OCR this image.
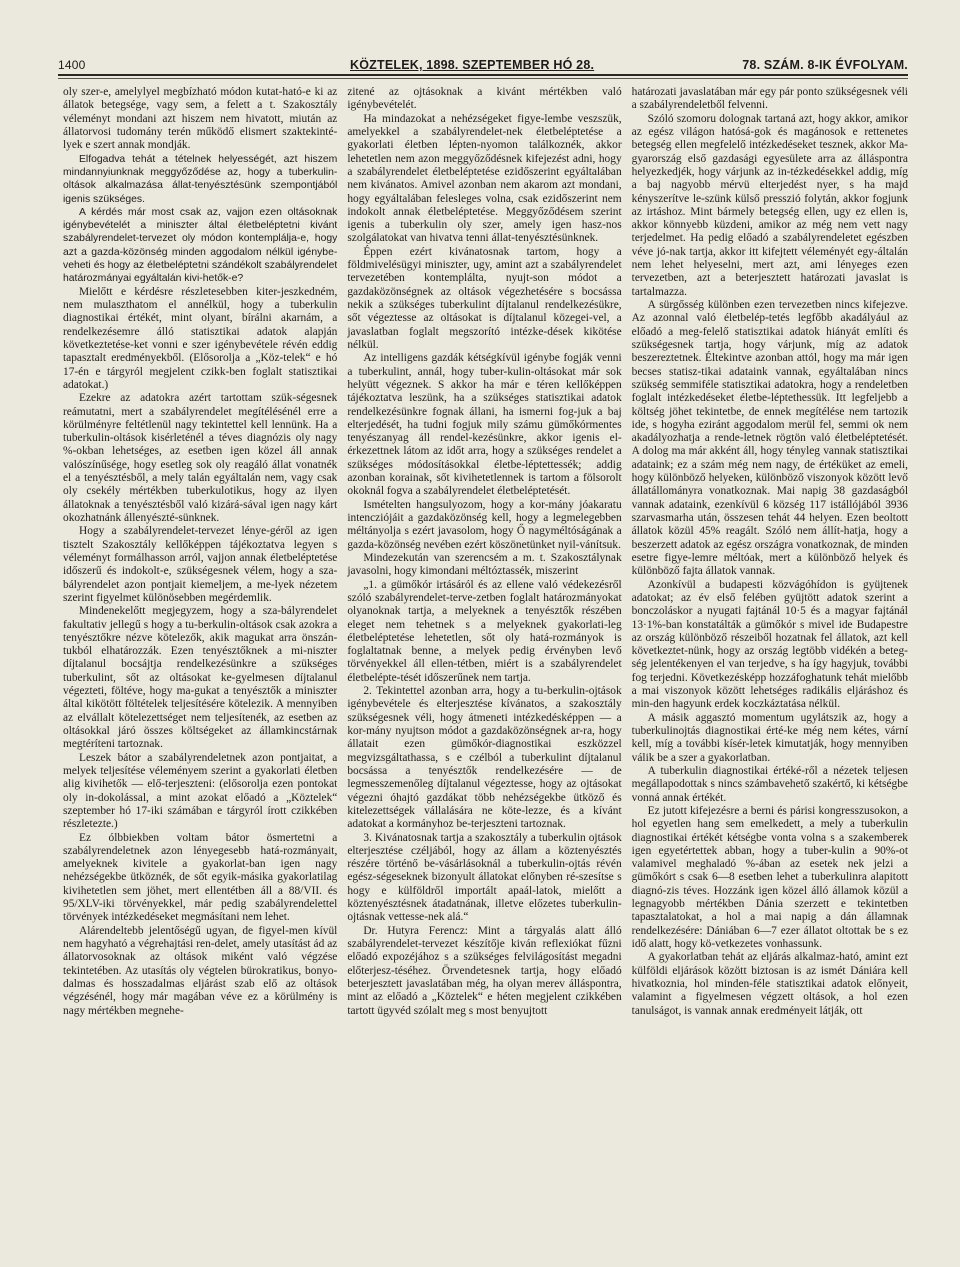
1400	KÖZTELEK, 1898. SZEPTEMBER HÓ 28.	78. SZÁM. 8-IK ÉVFOLYAM.

oly szer-e, amelylyel megbízható módon kutat-ható-e ki az állatok betegsége, vagy sem, a felett a t. Szakosztály véleményt mondani azt hiszem nem hivatott, miután az állatorvosi tudomány terén működő elismert szaktekinté-lyek e szert annak mondják.

Elfogadva tehát a tételnek helyességét, azt hiszem mindannyiunknak meggyőződése az, hogy a tuberkulin-oltások alkalmazása állat-tenyésztésünk szempontjából igenis szükséges.

A kérdés már most csak az, vajjon ezen oltásoknak igénybevételét a miniszter által életbeléptetni kivánt szabályrendelet-tervezet oly módon kontemplálja-e, hogy azt a gazda-közönség minden aggodalom nélkül igénybe-veheti és hogy az életbeléptetni szándékolt szabályrendelet határozmányai egyáltalán kivi-hetők-e?

Mielőtt e kérdésre részletesebben kiter-jeszkedném, nem mulaszthatom el annélkül, hogy a tuberkulin diagnostikai értékét, mint olyant, bírálni akarnám, a rendelkezésemre álló statisztikai adatok alapján következtetése-ket vonni e szer igénybevétele révén eddig tapasztalt eredményekből. (Elősorolja a „Köz-telek“ e hó 17-én e tárgyról megjelent czikk-ben foglalt statisztikai adatokat.)

Ezekre az adatokra azért tartottam szük-ségesnek reámutatni, mert a szabályrendelet megítélésénél erre a körülményre feltétlenül nagy tekintettel kell lennünk. Ha a tuberkulin-oltások kisérleténél a téves diagnózis oly nagy %-okban lehetséges, az esetben igen közel áll annak valószínűsége, hogy esetleg sok oly reagáló állat vonatnék el a tenyésztésből, a mely talán egyáltalán nem, vagy csak oly csekély mértékben tuberkulotikus, hogy az ilyen állatoknak a tenyésztésből való kizárá-sával igen nagy kárt okozhatnánk állenyészté-sünknek.

Hogy a szabályrendelet-tervezet lénye-géről az igen tisztelt Szakosztály kellőképpen tájékoztatva legyen s véleményt formálhasson arról, vajjon annak életbeléptetése időszerű és indokolt-e, szükségesnek vélem, hogy a sza-bályrendelet azon pontjait kiemeljem, a me-lyek nézetem szerint figyelmet különösebben megérdemlik.

Mindenekelőtt megjegyzem, hogy a sza-bályrendelet fakultativ jellegű s hogy a tu-berkulin-oltások csak azokra a tenyésztőkre nézve kötelezők, akik magukat arra önszán-tukból elhatározzák. Ezen tenyésztőknek a mi-niszter díjtalanul bocsájtja rendelkezésünkre a szükséges tuberkulint, sőt az oltásokat ke-gyelmesen díjtalanul végezteti, föltéve, hogy ma-gukat a tenyésztők a miniszter által kikötött föltételek teljesítésére kötelezik. A mennyiben az elvállalt kötelezettséget nem teljesítenék, az esetben az oltásokkal járó összes költségeket az államkincstárnak megtéríteni tartoznak.

Leszek bátor a szabályrendeletnek azon pontjaitat, a melyek teljesítése véleményem szerint a gyakorlati életben alig kivihetők — elő-terjeszteni: (elősorolja ezen pontokat oly in-dokolással, a mint azokat előadó a „Köztelek“ szeptember hó 17-iki számában e tárgyról írott czikkében részletezte.)

Ez ólbbiekben voltam bátor ösmertetni a szabályrendeletnek azon lényegesebb hatá-rozmányait, amelyeknek kivitele a gyakorlat-ban igen nagy nehézségekbe ütköznék, de sőt egyik-másika gyakorlatilag kivihetetlen sem jöhet, mert ellentétben áll a 88/VII. és 95/XLV-iki törvényekkel, már pedig szabályrendelettel törvények intézkedéseket megmásítani nem lehet.

Alárendeltebb jelentőségű ugyan, de figyel-men kívül nem hagyható a végrehajtási ren-delet, amely utasítást ád az állatorvosoknak az oltások miként való végzése tekintetében. Az utasítás oly végtelen bürokratikus, bonyo-dalmas és hosszadalmas eljárást szab elő az oltások végzésénél, hogy már magában véve ez a körülmény is nagy mértékben megnehe-

zitené az ojtásoknak a kivánt mértékben való igénybevételét.

Ha mindazokat a nehézségeket figye-lembe veszszük, amelyekkel a szabályrendelet-nek életbeléptetése a gyakorlati életben lépten-nyomon találkoznék, akkor lehetetlen nem azon meggyőződésnek kifejezést adni, hogy a szabályrendelet életbeléptetése ezidőszerint egyáltalában nem kivánatos. Amivel azonban nem akarom azt mondani, hogy egyáltalában felesleges volna, csak ezidőszerint nem indokolt annak életbeléptetése. Meggyőződésem szerint igenis a tuberkulin oly szer, amely igen hasz-nos szolgálatokat van hivatva tenni állat-tenyésztésünknek.

Éppen ezért kivánatosnak tartom, hogy a földmivelésügyi miniszter, ugy, amint azt a szabályrendelet tervezetében kontemplálta, nyujt-son módot a gazdaközönségnek az oltások végezhetésére s bocsássa nekik a szükséges tuberkulint díjtalanul rendelkezésükre, sőt végeztesse az oltásokat is díjtalanul közegei-vel, a javaslatban foglalt megszorító intézke-dések kikötése nélkül.

Az intelligens gazdák kétségkívül igénybe fogják venni a tuberkulint, annál, hogy tuber-kulin-oltásokat már sok helyütt végeznek. S akkor ha már e téren kellőképpen tájékoztatva leszünk, ha a szükséges statisztikai adatok rendelkezésünkre fognak állani, ha ismerni fog-juk a baj elterjedését, ha tudni fogjuk mily számu gümőkórmentes tenyészanyag áll rendel-kezésünkre, akkor igenis el-érkezettnek látom az időt arra, hogy a szükséges rendelet a szükséges módosításokkal életbe-léptettessék; addig azonban korainak, sőt kivihetetlennek is tartom a fölsorolt okoknál fogva a szabályrendelet életbeléptetését.

Ismételten hangsulyozom, hogy a kor-mány jóakaratu intencziójáit a gazdaközönség kell, hogy a legmelegebben méltányolja s ezért javasolom, hogy Ő nagyméltóságának a gazda-közönség nevében ezért köszönetünket nyil-vánítsuk.

Mindezekután van szerencsém a m. t. Szakosztálynak javasolni, hogy kimondani méltóztassék, miszerint

„1. a gümőkór irtásáról és az ellene való védekezésről szóló szabályrendelet-terve-zetben foglalt határozmányokat olyanoknak tartja, a melyeknek a tenyésztők részében eleget nem tehetnek s a melyeknek gyakorlati-leg életbeléptetése lehetetlen, sőt oly hatá-rozmányok is foglaltatnak benne, a melyek pedig érvényben levő törvényekkel áll ellen-tétben, miért is a szabályrendelet életbelépte-tését időszerűnek nem tartja.

2. Tekintettel azonban arra, hogy a tu-berkulin-ojtások igénybevétele és elterjesztése kívánatos, a szakosztály szükségesnek véli, hogy átmeneti intézkedésképpen — a kor-mány nyujtson módot a gazdaközönségnek ar-ra, hogy állatait ezen gümőkór-diagnostikai eszközzel megvizsgáltathassa, s e czélból a tuberkulint díjtalanul bocsássa a tenyésztők rendelkezésére — de legmesszemenőleg díjtalanul végeztesse, hogy az ojtásokat végezni óhajtó gazdákat több nehézségekbe ütköző és kitelezettségek vállalására ne köte-lezze, és a kívánt adatokat a kormányhoz be-terjeszteni tartoznak.

3. Kivánatosnak tartja a szakosztály a tuberkulin ojtások elterjesztése czéljából, hogy az állam a köztenyésztés részére történő be-vásárlásoknál a tuberkulin-ojtás révén egész-ségeseknek bizonyult állatokat előnyben ré-szesítse s hogy e külföldről importált apaál-latok, mielőtt a köztenyésztésnek átadatnának, illetve előzetes tuberkulin-ojtásnak vettesse-nek alá.“

Dr. Hutyra Ferencz: Mint a tárgyalás alatt álló szabályrendelet-tervezet készítője kiván reflexiókat fűzni előadó expozéjához s a szükséges felvilágosítást megadni előterjesz-téséhez. Örvendetesnek tartja, hogy előadó beterjesztett javaslatában még, ha olyan merev álláspontra, mint az előadó a „Köztelek“ e héten megjelent czikkében tartott ügyvéd szólalt meg s most benyujtott

határozati javaslatában már egy pár ponto szükségesnek véli a szabályrendeletből felvenni.

Szóló szomoru dolognak tartaná azt, hogy akkor, amikor az egész világon hatósá-gok és magánosok e rettenetes betegség ellen megfelelő intézkedéseket tesznek, akkor Ma-gyarország első gazdasági egyesülete arra az álláspontra helyezkedjék, hogy várjunk az in-tézkedésekkel addig, míg a baj nagyobb mérvü elterjedést nyer, s ha majd kényszerítve le-szünk külső presszió folytán, akkor fogjunk az irtáshoz. Mint bármely betegség ellen, ugy ez ellen is, akkor könnyebb küzdeni, amikor az még nem vett nagy terjedelmet. Ha pedig előadó a szabályrendeletet egészben véve jó-nak tartja, akkor itt kifejtett véleményét egy-általán nem lehet helyeselni, mert azt, ami lényeges ezen tervezetben, azt a beterjesztett határozati javaslat is tartalmazza.

A sürgősség különben ezen tervezetben nincs kifejezve. Az azonnal való életbelép-tetés legfőbb akadályául az előadó a meg-felelő statisztikai adatok hiányát említi és szükségesnek tartja, hogy várjunk, míg az adatok beszereztetnek. Éltekintve azonban attól, hogy ma már igen becses statisz-tikai adataink vannak, egyáltalában nincs szükség semmiféle statisztikai adatokra, hogy a rendeletben foglalt intézkedéseket életbe-léptethessük. Itt legfeljebb a költség jöhet tekintetbe, de ennek megítélése nem tartozik ide, s hogyha eziránt aggodalom merül fel, semmi ok nem akadályozhatja a rende-letnek rögtön való életbeléptetését. A dolog ma már akként áll, hogy tényleg vannak statisztikai adataink; ez a szám még nem nagy, de értéküket az emeli, hogy különböző helyeken, különböző viszonyok között levő állatállományra vonatkoznak. Mai napig 38 gazdaságból vannak adataink, ezenkívül 6 község 117 istállójából 3936 szarvasmarha után, összesen tehát 44 helyen. Ezen beoltott állatok közül 45% reagált. Szóló nem állít-hatja, hogy a beszerzett adatok az egész országra vonatkoznak, de minden esetre figye-lemre méltóak, mert a különböző helyek és különböző fajta állatok vannak.

Azonkívül a budapesti közvágóhídon is gyüjtenek adatokat; az év első felében gyüjtött adatok szerint a bonczoláskor a nyugati fajtánál 10·5 és a magyar fajtánál 13·1%-ban konstatálták a gümőkór s mivel ide Budapestre az ország különböző részeiből hozatnak fel állatok, azt kell következtet-nünk, hogy az ország legtöbb vidékén a beteg-ség jelentékenyen el van terjedve, s ha így hagyjuk, további fog terjedni. Következésképp hozzáfoghatunk tehát mielőbb a mai viszonyok között lehetséges radikális eljáráshoz és min-den hagyunk erdek koczkáztatása nélkül.

A másik aggasztó momentum ugylátszik az, hogy a tuberkulinojtás diagnostikai érté-ke még nem kétes, vární kell, míg a további kísér-letek kimutatják, hogy mennyiben válik be a szer a gyakorlatban.

A tuberkulin diagnostikai értéké-ről a nézetek teljesen megállapodottak s nincs számbavehető szakértő, ki kétségbe vonná annak értékét.

Ez jutott kifejezésre a berni és párisi kongresszusokon, a hol egyetlen hang sem emelkedett, a mely a tuberkulin diagnostikai értékét kétségbe vonta volna s a szakemberek igen egyetértettek abban, hogy a tuber-kulin a 90%-ot valamivel meghaladó %-ában az esetek nek jelzi a gümőkórt s csak 6—8 esetben lehet a tuberkulinra alapitott diagnó-zis téves. Hozzánk igen közel álló államok közül a legnagyobb mértékben Dánia szerzett e tekintetben tapasztalatokat, a hol a mai napig a dán államnak rendelkezésére: Dániában 6—7 ezer állatot oltottak be s ez idő alatt, hogy kö-vetkezetes vonhassunk.

A gyakorlatban tehát az eljárás alkalmaz-ható, amint ezt külföldi eljárások között biztosan is az ismét Dániára kell hivatkoznia, hol minden-féle statisztikai adatok előnyeit, valamint a figyelmesen végzett oltások, a hol ezen tanulságot, is vannak annak eredményeit látják, ott
